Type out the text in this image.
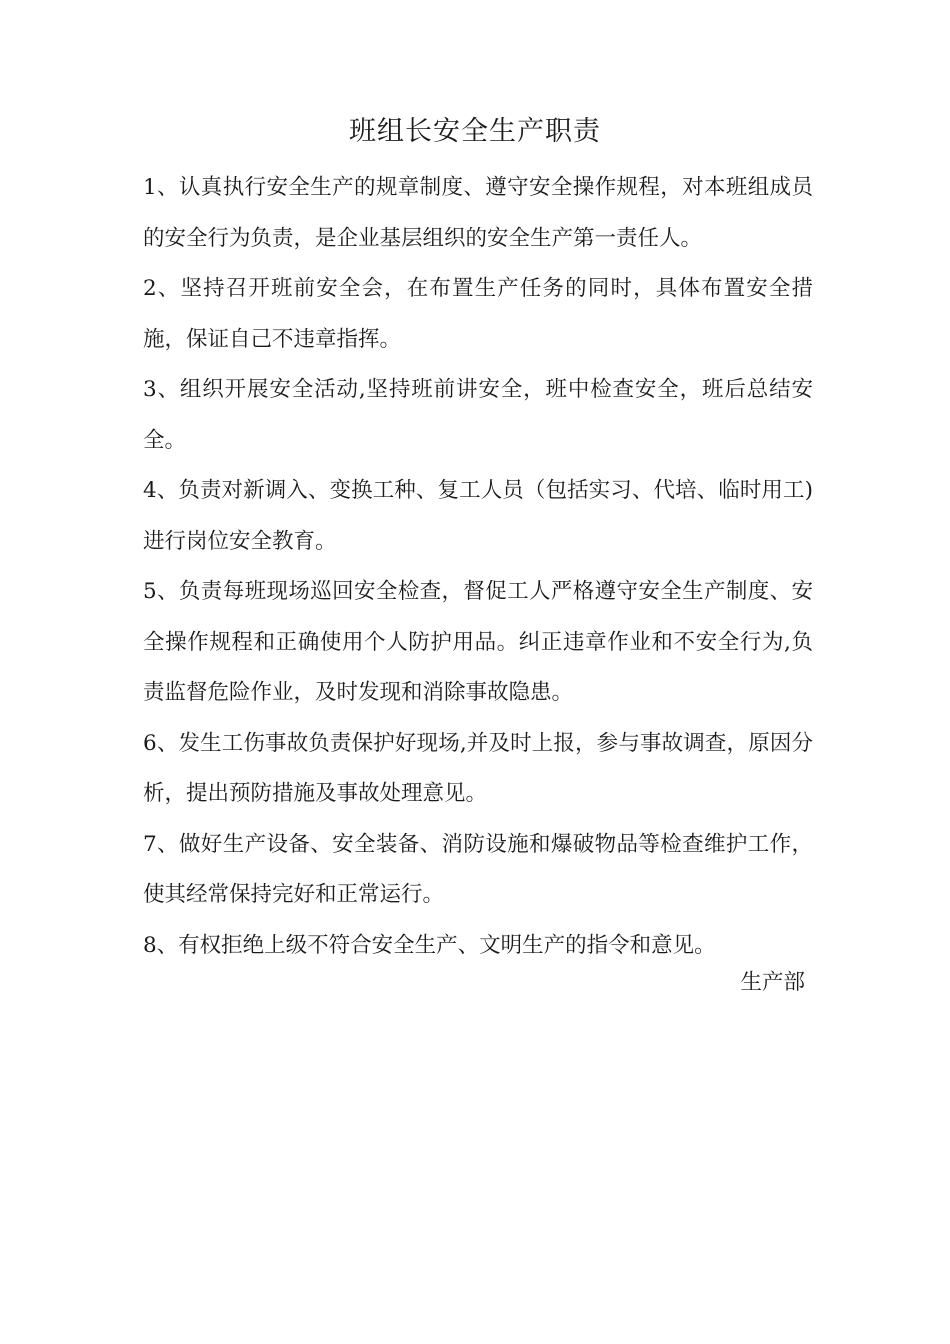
班组长安全生产职责

1、认真执行安全生产的规章制度、遵守安全操作规程，对本班组成员的安全行为负责，是企业基层组织的安全生产第一责任人。

2、坚持召开班前安全会，在布置生产任务的同时，具体布置安全措施，保证自己不违章指挥。

3、组织开展安全活动,坚持班前讲安全，班中检查安全，班后总结安全。

4、负责对新调入、变换工种、复工人员（包括实习、代培、临时用工)进行岗位安全教育。

5、负责每班现场巡回安全检查，督促工人严格遵守安全生产制度、安全操作规程和正确使用个人防护用品。纠正违章作业和不安全行为,负责监督危险作业，及时发现和消除事故隐患。

6、发生工伤事故负责保护好现场,并及时上报，参与事故调查，原因分析，提出预防措施及事故处理意见。

7、做好生产设备、安全装备、消防设施和爆破物品等检查维护工作，使其经常保持完好和正常运行。

8、有权拒绝上级不符合安全生产、文明生产的指令和意见。

生产部
